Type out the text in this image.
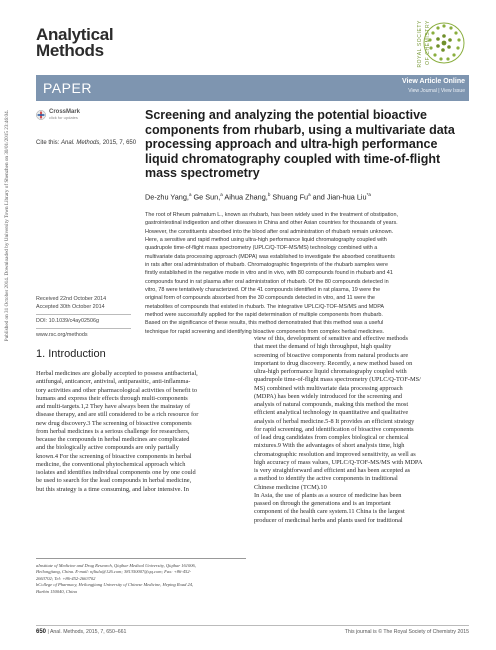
Analytical
Methods	ROYAL SOCIETY OF CHEMISTRY
PAPER	View Article Online
View Journal | View Issue
Published on 31 October 2014. Downloaded by University Town Library of Shenzhen on 30/01/2015 23:46:04.	CrossMark
click for updates
Cite this: Anal. Methods, 2015, 7, 650
Screening and analyzing the potential bioactive components from rhubarb, using a multivariate data processing approach and ultra-high performance liquid chromatography coupled with time-of-flight mass spectrometry
De-zhu Yang,$^a$ Ge Sun,$^a$ Aihua Zhang,$^b$ Shuang Fu$^a$ and Jian-hua Liu$^{*a}$
The root of Rheum palmatum L., known as rhubarb, has been widely used in the treatment of obstipation,
gastrointestinal indigestion and other diseases in China and other Asian countries for thousands of years.
However, the constituents absorbed into the blood after oral administration of rhubarb remain unknown.
Here, a sensitive and rapid method using ultra-high performance liquid chromatography coupled with
quadrupole time-of-flight mass spectrometry (UPLC/Q-TOF-MS/MS) technology combined with a
multivariate data processing approach (MDPA) was established to investigate the absorbed constituents
in rats after oral administration of rhubarb. Chromatographic fingerprints of the rhubarb samples were
firstly established in the negative mode in vitro and in vivo, with 80 compounds found in rhubarb and 41
compounds found in rat plasma after oral administration of rhubarb. Of the 80 compounds detected in
vitro, 78 were tentatively characterized. Of the 41 compounds identified in rat plasma, 19 were the
original form of compounds absorbed from the 30 compounds detected in vitro, and 11 were the
metabolites of compounds that existed in rhubarb. The integrative UPLC/Q-TOF-MS/MS and MDPA
method were successfully applied for the rapid determination of multiple components from rhubarb.
Based on the significance of these results, this method demonstrated that this method was a useful
technique for rapid screening and identifying bioactive components from complex herbal medicines.
Received 22nd October 2014
Accepted 30th October 2014
DOI: 10.1039/c4ay02506g
www.rsc.org/methods
1. Introduction
Herbal medicines are globally accepted to possess antibacterial,
antifungal, anticancer, antiviral, antiparasitic, anti-inflamma-
tory activities and other pharmacological activities of benefit to
humans and express their effects through multi-components
and multi-targets.1,2 They have always been the mainstay of
disease therapy, and are still considered to be a rich resource for
new drug discovery.3 The screening of bioactive components
from herbal medicines is a serious challenge for researchers,
because the compounds in herbal medicines are complicated
and the biologically active compounds are only partially
known.4 For the screening of bioactive components in herbal
medicine, the conventional phytochemical approach which
isolates and identifies individual components one by one could
be used to search for the lead compounds in herbal medicine,
but this strategy is a time consuming, and labor intensive. In
view of this, development of sensitive and effective methods
that meet the demand of high throughput, high quality
screening of bioactive components from natural products are
important to drug discovery. Recently, a new method based on
ultra-high performance liquid chromatography coupled with
quadrupole time-of-flight mass spectrometry (UPLC/Q-TOF-MS/
MS) combined with multivariate data processing approach
(MDPA) has been widely introduced for the screening and
analysis of natural compounds, making this method the most
efficient analytical technology in quantitative and qualitative
analysis of herbal medicine.5-8 It provides an efficient strategy
for rapid screening, and identification of bioactive components
of lead drug candidates from complex biological or chemical
mixtures.9 With the advantages of short analysis time, high
chromatographic resolution and improved sensitivity, as well as
high accuracy of mass values, UPLC/Q-TOF-MS/MS with MDPA
is very straightforward and efficient and has been accepted as
a method to identify the active components in traditional
Chinese medicine (TCM).10
In Asia, the use of plants as a source of medicine has been
passed on through the generations and is an important
component of the health care system.11 China is the largest
producer of medicinal herbs and plants used for traditional
aInstitute of Medicine and Drug Research, Qiqihar Medical University, Qiqihar 161006,
Heilongjiang, China. E-mail: njliulu@126.com; 381350007@qq.com; Fax: +86-452-
2663702; Tel: +86-452-2663702
bCollege of Pharmacy, Heilongjiang University of Chinese Medicine, Heping Road 24,
Harbin 150040, China
650 | Anal. Methods, 2015, 7, 650–661	This journal is © The Royal Society of Chemistry 2015
